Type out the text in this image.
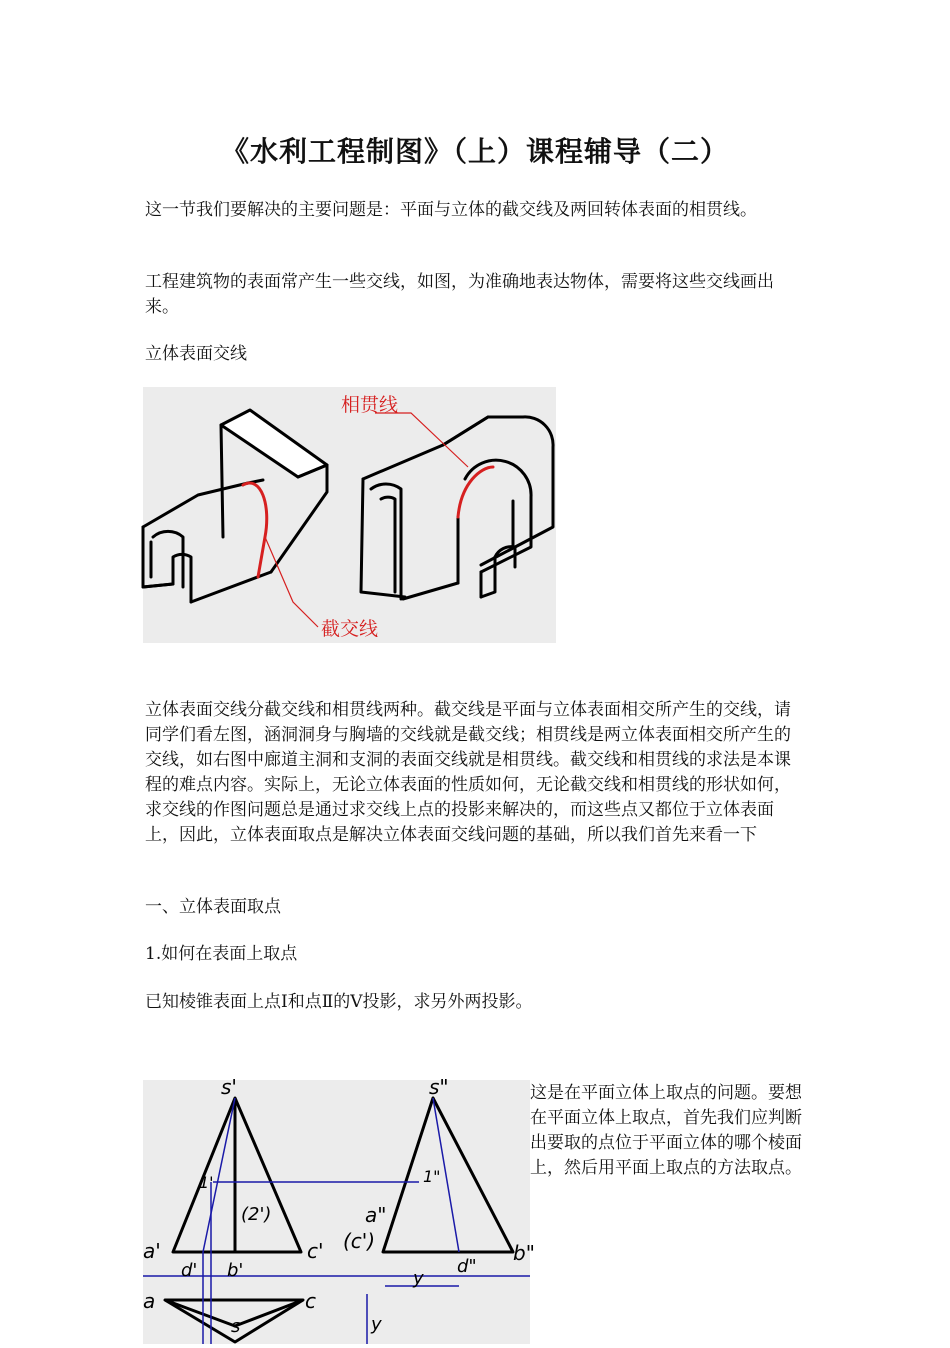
《水利工程制图》（上）课程辅导（二）

这一节我们要解决的主要问题是：平面与立体的截交线及两回转体表面的相贯线。

工程建筑物的表面常产生一些交线，如图，为准确地表达物体，需要将这些交线画出来。

立体表面交线

相贯线
截交线

立体表面交线分截交线和相贯线两种。截交线是平面与立体表面相交所产生的交线，请同学们看左图，涵洞洞身与胸墙的交线就是截交线；相贯线是两立体表面相交所产生的交线，如右图中廊道主洞和支洞的表面交线就是相贯线。截交线和相贯线的求法是本课程的难点内容。实际上，无论立体表面的性质如何，无论截交线和相贯线的形状如何，求交线的作图问题总是通过求交线上点的投影来解决的，而这些点又都位于立体表面上，因此，立体表面取点是解决立体表面交线问题的基础，所以我们首先来看一下

一、立体表面取点

1.如何在表面上取点

已知棱锥表面上点Ⅰ和点Ⅱ的Ⅴ投影，求另外两投影。

s'	s"
1'
(2')
1"
a'	c'
a"
(c')	b"
d' b'	d"
y
a	c
s	y

这是在平面立体上取点的问题。要想在平面立体上取点，首先我们应判断出要取的点位于平面立体的哪个棱面上，然后用平面上取点的方法取点。
